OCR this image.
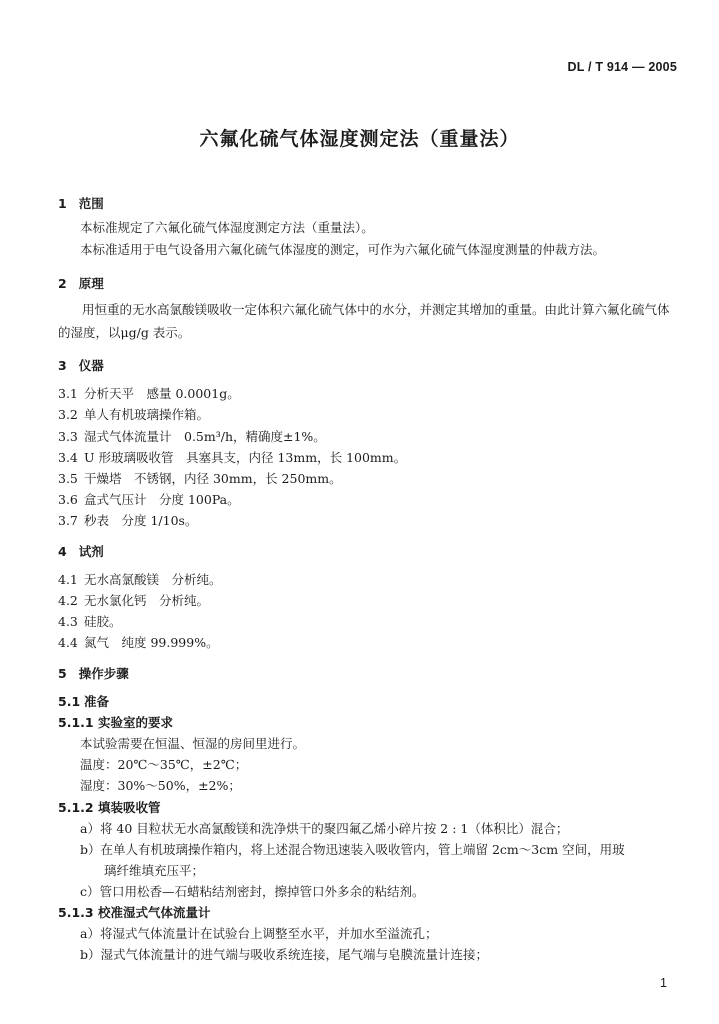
DL / T 914 — 2005
六氟化硫气体湿度测定法（重量法）
1 范围
本标准规定了六氟化硫气体湿度测定方法（重量法）。
本标准适用于电气设备用六氟化硫气体湿度的测定，可作为六氟化硫气体湿度测量的仲裁方法。
2 原理
用恒重的无水高氯酸镁吸收一定体积六氟化硫气体中的水分，并测定其增加的重量。由此计算六氟化硫气体的湿度，以μg/g 表示。
3 仪器
3.1 分析天平　感量 0.0001g。
3.2 单人有机玻璃操作箱。
3.3 湿式气体流量计　0.5m³/h，精确度±1%。
3.4 U 形玻璃吸收管　具塞具支，内径 13mm，长 100mm。
3.5 干燥塔　不锈钢，内径 30mm，长 250mm。
3.6 盒式气压计　分度 100Pa。
3.7 秒表　分度 1/10s。
4 试剂
4.1 无水高氯酸镁　分析纯。
4.2 无水氯化钙　分析纯。
4.3 硅胶。
4.4 氮气　纯度 99.999%。
5 操作步骤
5.1 准备
5.1.1 实验室的要求
本试验需要在恒温、恒湿的房间里进行。
温度：20℃～35℃，±2℃；
湿度：30%～50%，±2%；
5.1.2 填装吸收管
a）将 40 目粒状无水高氯酸镁和洗净烘干的聚四氟乙烯小碎片按 2 : 1（体积比）混合；
b）在单人有机玻璃操作箱内，将上述混合物迅速装入吸收管内，管上端留 2cm～3cm 空间，用玻
璃纤维填充压平；
c）管口用松香—石蜡粘结剂密封，擦掉管口外多余的粘结剂。
5.1.3 校准湿式气体流量计
a）将湿式气体流量计在试验台上调整至水平，并加水至溢流孔；
b）湿式气体流量计的进气端与吸收系统连接，尾气端与皂膜流量计连接；
1
